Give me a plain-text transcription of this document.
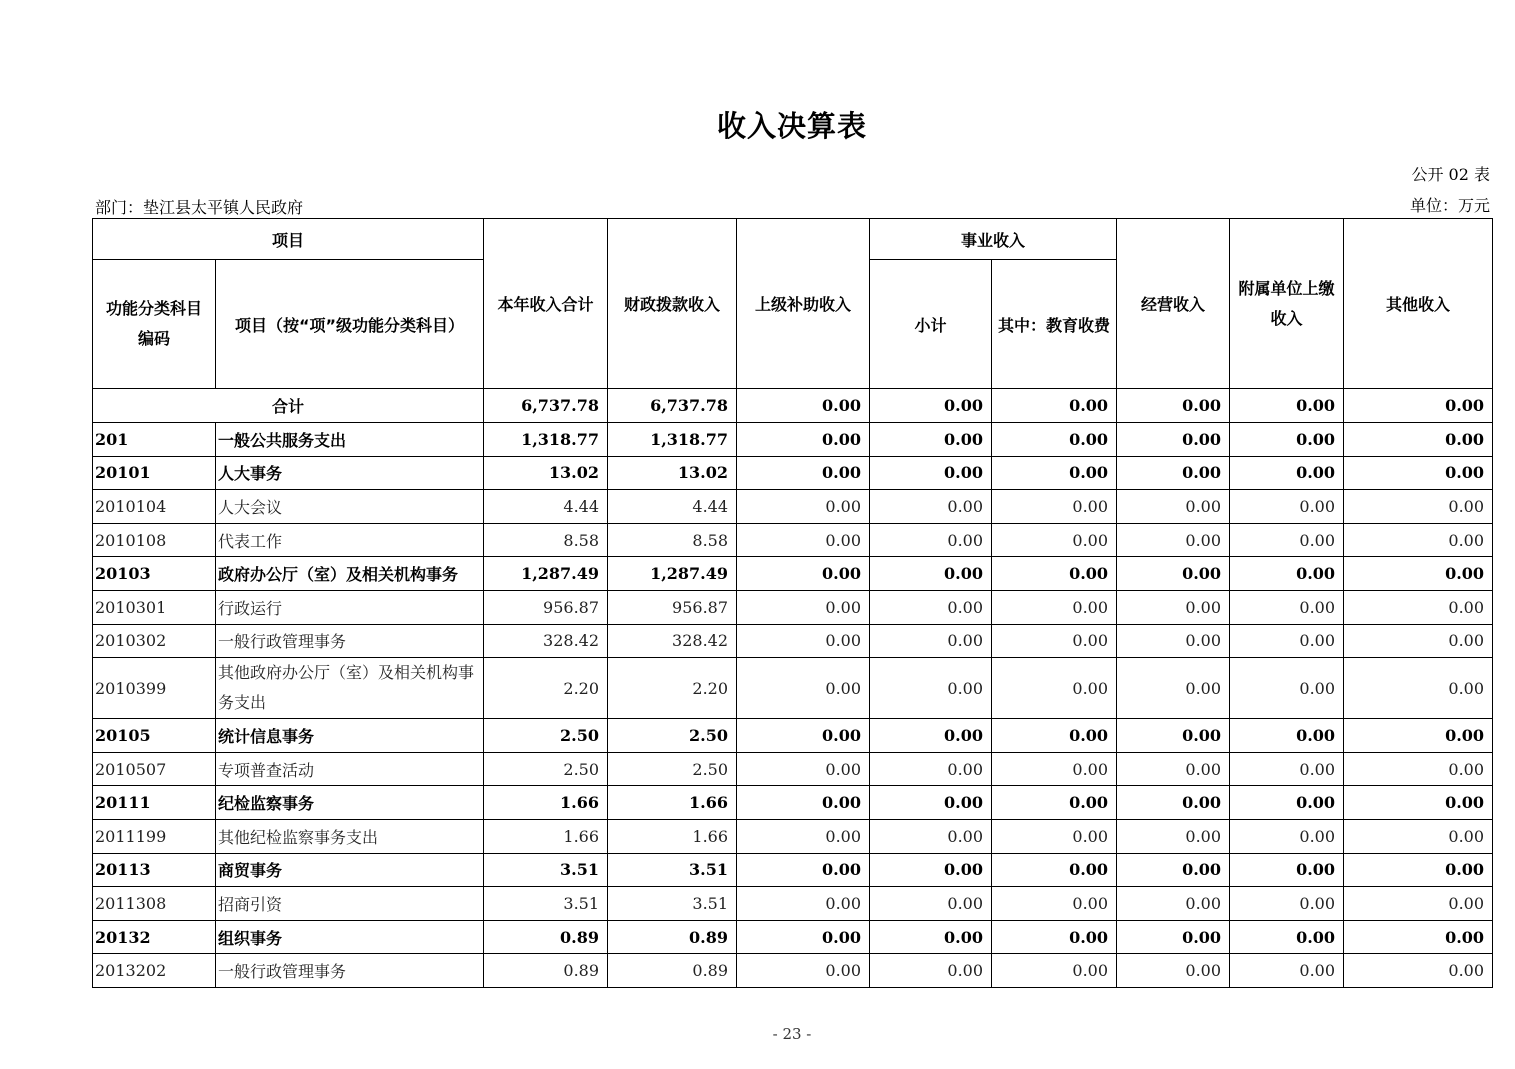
收入决算表
公开 02 表
部门：垫江县太平镇人民政府	单位：万元
项目		本年收入合计	财政拨款收入	上级补助收入	事业收入		经营收入	附属单位上缴收入	其他收入
功能分类科目编码	项目（按“项”级功能分类科目）				小计	其中：教育收费			
合计		6,737.78	6,737.78	0.00	0.00	0.00	0.00	0.00	0.00
201	一般公共服务支出	1,318.77	1,318.77	0.00	0.00	0.00	0.00	0.00	0.00
20101	人大事务	13.02	13.02	0.00	0.00	0.00	0.00	0.00	0.00
2010104	人大会议	4.44	4.44	0.00	0.00	0.00	0.00	0.00	0.00
2010108	代表工作	8.58	8.58	0.00	0.00	0.00	0.00	0.00	0.00
20103	政府办公厅（室）及相关机构事务	1,287.49	1,287.49	0.00	0.00	0.00	0.00	0.00	0.00
2010301	行政运行	956.87	956.87	0.00	0.00	0.00	0.00	0.00	0.00
2010302	一般行政管理事务	328.42	328.42	0.00	0.00	0.00	0.00	0.00	0.00
2010399	其他政府办公厅（室）及相关机构事务支出	2.20	2.20	0.00	0.00	0.00	0.00	0.00	0.00
20105	统计信息事务	2.50	2.50	0.00	0.00	0.00	0.00	0.00	0.00
2010507	专项普查活动	2.50	2.50	0.00	0.00	0.00	0.00	0.00	0.00
20111	纪检监察事务	1.66	1.66	0.00	0.00	0.00	0.00	0.00	0.00
2011199	其他纪检监察事务支出	1.66	1.66	0.00	0.00	0.00	0.00	0.00	0.00
20113	商贸事务	3.51	3.51	0.00	0.00	0.00	0.00	0.00	0.00
2011308	招商引资	3.51	3.51	0.00	0.00	0.00	0.00	0.00	0.00
20132	组织事务	0.89	0.89	0.00	0.00	0.00	0.00	0.00	0.00
2013202	一般行政管理事务	0.89	0.89	0.00	0.00	0.00	0.00	0.00	0.00
- 23 -
